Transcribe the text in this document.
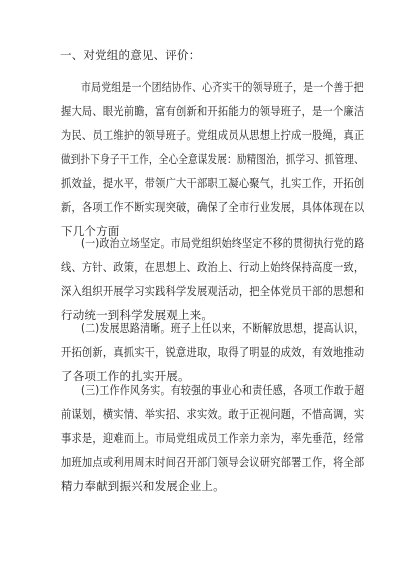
一、对党组的意见、评价：

市局党组是一个团结协作、心齐实干的领导班子，是一个善于把
握大局、眼光前瞻，富有创新和开拓能力的领导班子，是一个廉洁
为民、员工维护的领导班子。党组成员从思想上拧成一股绳，真正
做到扑下身子干工作，全心全意谋发展：励精图治，抓学习、抓管理、
抓效益，提水平，带领广大干部职工凝心聚气，扎实工作，开拓创
新，各项工作不断实现突破，确保了全市行业发展，具体体现在以
下几个方面
(一)政治立场坚定。市局党组织始终坚定不移的贯彻执行党的路
线、方针、政策，在思想上、政治上、行动上始终保持高度一致，
深入组织开展学习实践科学发展观活动，把全体党员干部的思想和
行动统一到科学发展观上来。
(二)发展思路清晰。班子上任以来，不断解放思想，提高认识，
开拓创新，真抓实干，锐意进取，取得了明显的成效，有效地推动
了各项工作的扎实开展。
(三)工作作风务实。有较强的事业心和责任感，各项工作敢于超
前谋划，横实情、举实招、求实效。敢于正视问题，不惜高调，实
事求是，迎难而上。市局党组成员工作亲力亲为，率先垂范，经常
加班加点或利用周末时间召开部门领导会议研究部署工作，将全部
精力奉献到振兴和发展企业上。
